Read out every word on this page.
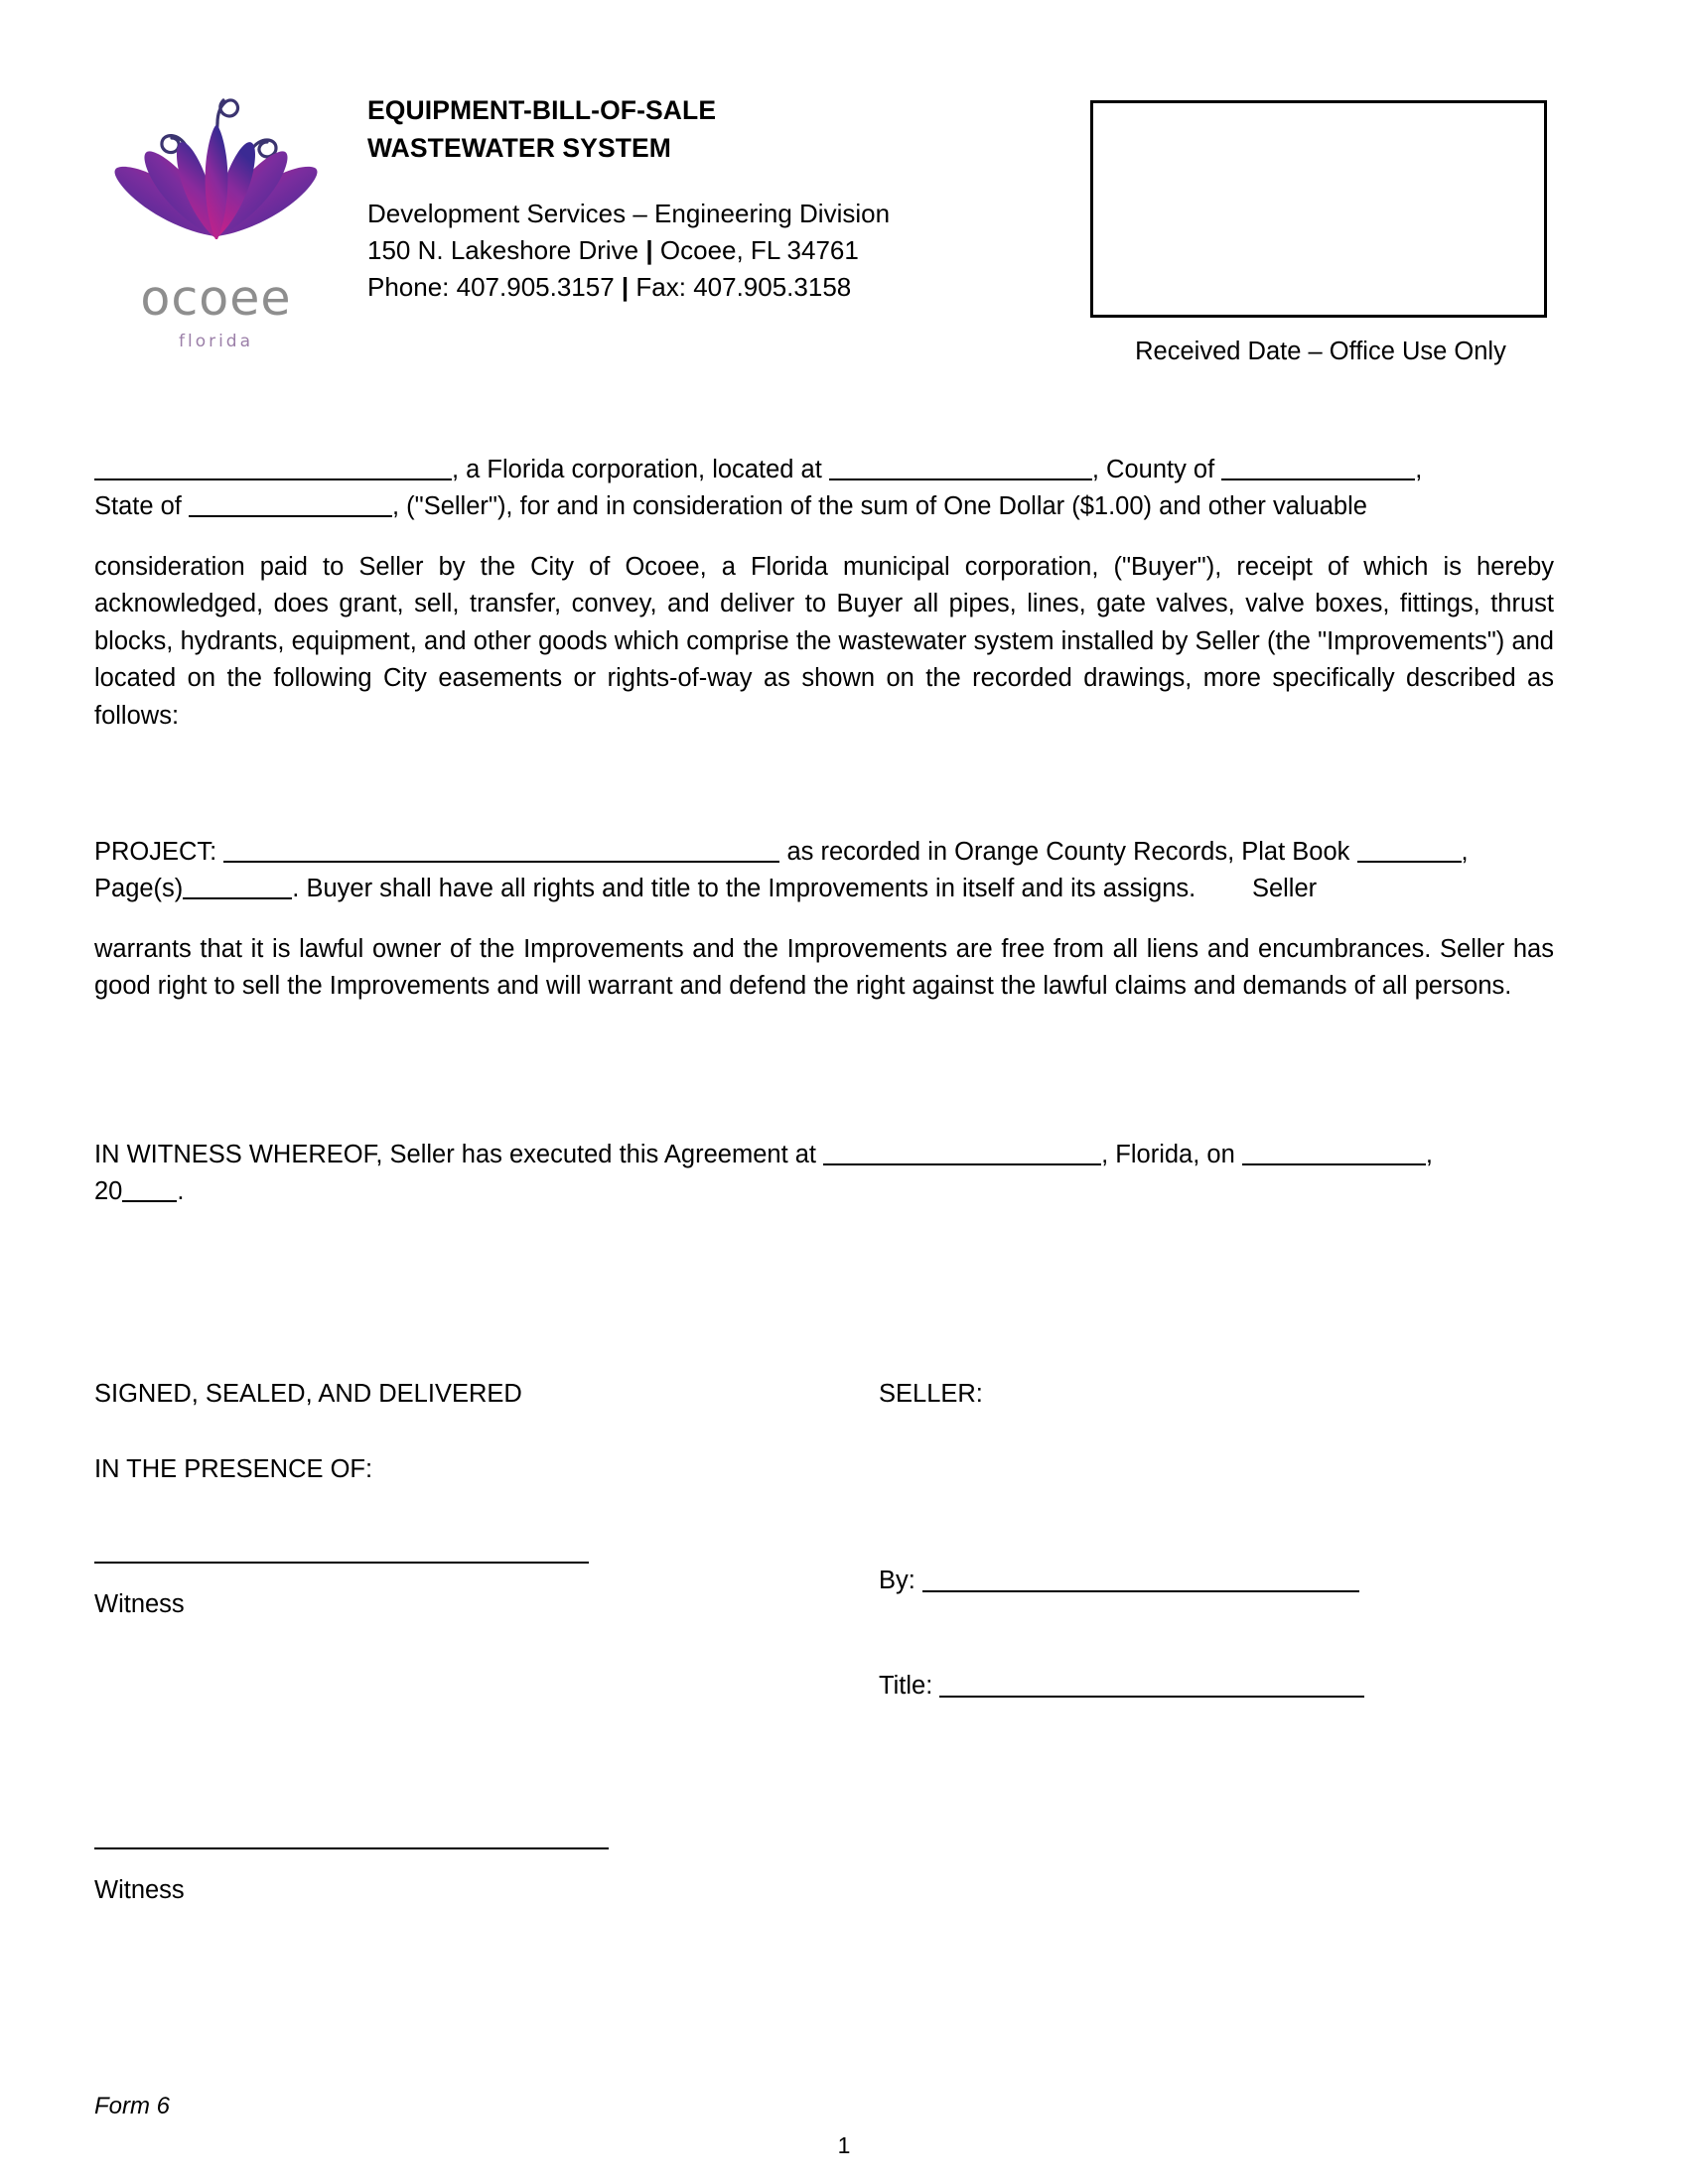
ocoee
florida
EQUIPMENT-BILL-OF-SALE
WASTEWATER SYSTEM
Development Services – Engineering Division
150 N. Lakeshore Drive | Ocoee, FL 34761
Phone: 407.905.3157 | Fax: 407.905.3158
Received Date – Office Use Only

, a Florida corporation, located at	, County of	,

State of	, ("Seller"), for and in consideration of the sum of One Dollar ($1.00) and other valuable

consideration paid to Seller by the City of Ocoee, a Florida municipal corporation, ("Buyer"), receipt of which is hereby acknowledged, does grant, sell, transfer, convey, and deliver to Buyer all pipes, lines, gate valves, valve boxes, fittings, thrust blocks, hydrants, equipment, and other goods which comprise the wastewater system installed by Seller (the "Improvements") and located on the following City easements or rights-of-way as shown on the recorded drawings, more specifically described as follows:

PROJECT:	as recorded in Orange County Records, Plat Book	,

Page(s)	. Buyer shall have all rights and title to the Improvements in itself and its assigns. Seller

warrants that it is lawful owner of the Improvements and the Improvements are free from all liens and encumbrances. Seller has good right to sell the Improvements and will warrant and defend the right against the lawful claims and demands of all persons.

IN WITNESS WHEREOF, Seller has executed this Agreement at	, Florida, on	,

20 .

SIGNED, SEALED, AND DELIVERED
IN THE PRESENCE OF:
SELLER:
Witness
By:
Title:
Witness
Form 6
1
